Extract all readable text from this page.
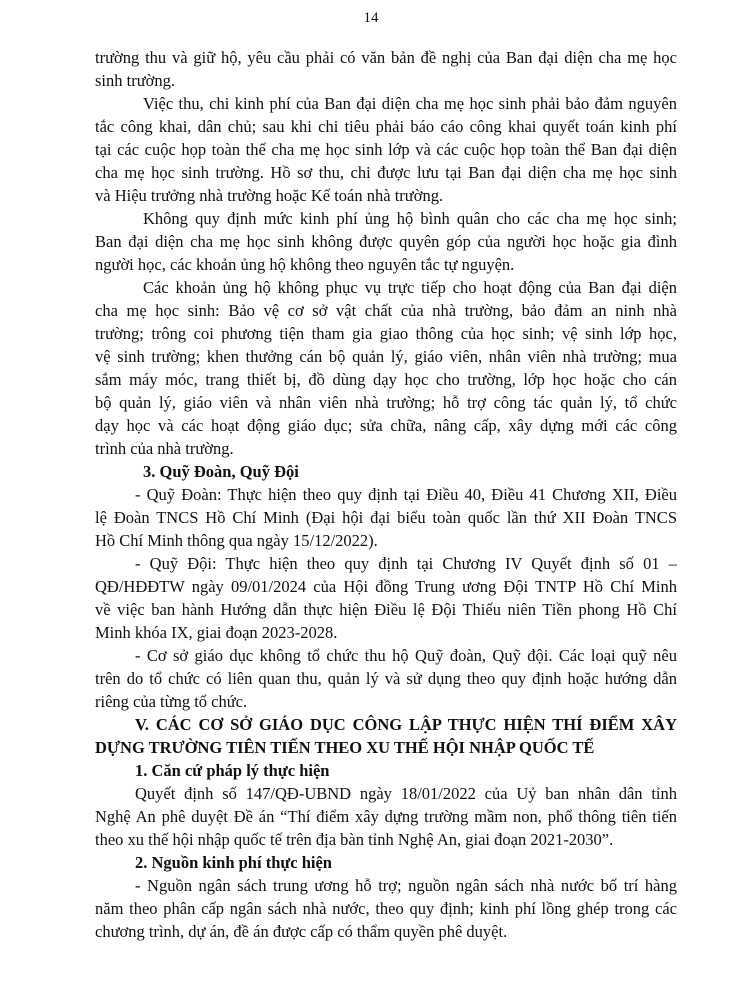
14
trường thu và giữ hộ, yêu cầu phải có văn bản đề nghị của Ban đại diện cha mẹ học
sinh trường.
Việc thu, chi kinh phí của Ban đại diện cha mẹ học sinh phải bảo đảm nguyên
tắc công khai, dân chủ; sau khi chi tiêu phải báo cáo công khai quyết toán kinh phí
tại các cuộc họp toàn thể cha mẹ học sinh lớp và các cuộc họp toàn thể Ban đại diện
cha mẹ học sinh trường. Hồ sơ thu, chi được lưu tại Ban đại diện cha mẹ học sinh
và Hiệu trưởng nhà trường hoặc Kế toán nhà trường.
Không quy định mức kinh phí ủng hộ bình quân cho các cha mẹ học sinh;
Ban đại diện cha mẹ học sinh không được quyên góp của người học hoặc gia đình
người học, các khoản ủng hộ không theo nguyên tắc tự nguyện.
Các khoản ủng hộ không phục vụ trực tiếp cho hoạt động của Ban đại diện
cha mẹ học sinh: Bảo vệ cơ sở vật chất của nhà trường, bảo đảm an ninh nhà
trường; trông coi phương tiện tham gia giao thông của học sinh; vệ sinh lớp học,
vệ sinh trường; khen thưởng cán bộ quản lý, giáo viên, nhân viên nhà trường; mua
sắm máy móc, trang thiết bị, đồ dùng dạy học cho trường, lớp học hoặc cho cán
bộ quản lý, giáo viên và nhân viên nhà trường; hỗ trợ công tác quản lý, tổ chức
dạy học và các hoạt động giáo dục; sửa chữa, nâng cấp, xây dựng mới các công
trình của nhà trường.
3. Quỹ Đoàn, Quỹ Đội
- Quỹ Đoàn: Thực hiện theo quy định tại Điều 40, Điều 41 Chương XII, Điều
lệ Đoàn TNCS Hồ Chí Minh (Đại hội đại biểu toàn quốc lần thứ XII Đoàn TNCS
Hồ Chí Minh thông qua ngày 15/12/2022).
- Quỹ Đội: Thực hiện theo quy định tại Chương IV Quyết định số 01 –
QĐ/HĐĐTW ngày 09/01/2024 của Hội đồng Trung ương Đội TNTP Hồ Chí Minh
về việc ban hành Hướng dẫn thực hiện Điều lệ Đội Thiếu niên Tiền phong Hồ Chí
Minh khóa IX, giai đoạn 2023-2028.
- Cơ sở giáo dục không tổ chức thu hộ Quỹ đoàn, Quỹ đội. Các loại quỹ nêu
trên do tổ chức có liên quan thu, quản lý và sử dụng theo quy định hoặc hướng dẫn
riêng của từng tổ chức.
V. CÁC CƠ SỞ GIÁO DỤC CÔNG LẬP THỰC HIỆN THÍ ĐIỂM XÂY
DỰNG TRƯỜNG TIÊN TIẾN THEO XU THẾ HỘI NHẬP QUỐC TẾ
1. Căn cứ pháp lý thực hiện
Quyết định số 147/QĐ-UBND ngày 18/01/2022 của Uỷ ban nhân dân tỉnh
Nghệ An phê duyệt Đề án “Thí điểm xây dựng trường mầm non, phổ thông tiên tiến
theo xu thế hội nhập quốc tế trên địa bàn tỉnh Nghệ An, giai đoạn 2021-2030”.
2. Nguồn kinh phí thực hiện
- Nguồn ngân sách trung ương hỗ trợ; nguồn ngân sách nhà nước bố trí hàng
năm theo phân cấp ngân sách nhà nước, theo quy định; kinh phí lồng ghép trong các
chương trình, dự án, đề án được cấp có thẩm quyền phê duyệt.
